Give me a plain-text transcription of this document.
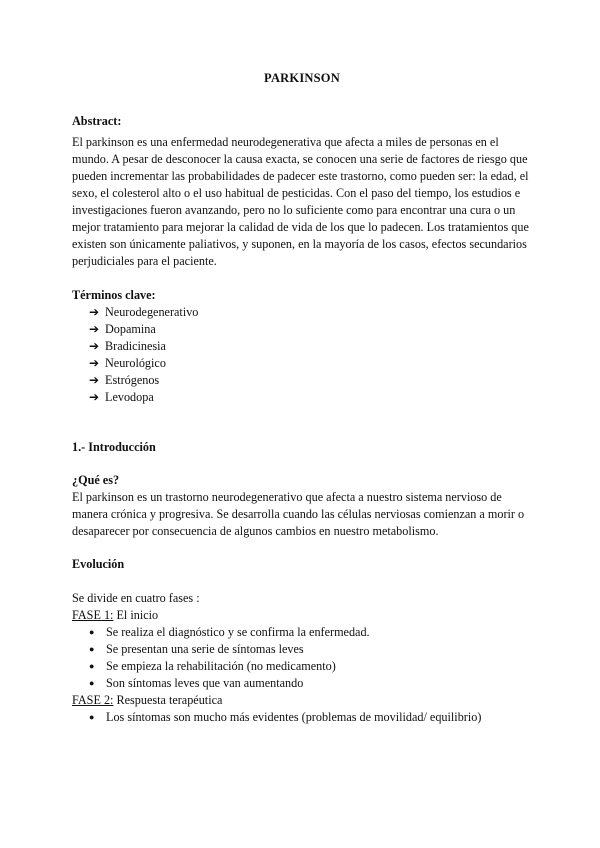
PARKINSON

Abstract:

El parkinson es una enfermedad neurodegenerativa que afecta a miles de personas en el mundo. A pesar de desconocer la causa exacta, se conocen una serie de factores de riesgo que pueden incrementar las probabilidades de padecer este trastorno, como pueden ser: la edad, el sexo, el colesterol alto o el uso habitual de pesticidas. Con el paso del tiempo, los estudios e investigaciones fueron avanzando, pero no lo suficiente como para encontrar una cura o un mejor tratamiento para mejorar la calidad de vida de los que lo padecen. Los tratamientos que existen son únicamente paliativos, y suponen, en la mayoría de los casos, efectos secundarios perjudiciales para el paciente.

Términos clave:

➔ Neurodegenerativo
➔ Dopamina
➔ Bradicinesia
➔ Neurológico
➔ Estrógenos
➔ Levodopa

1.- Introducción

¿Qué es?

El parkinson es un trastorno neurodegenerativo que afecta a nuestro sistema nervioso de manera crónica y progresiva. Se desarrolla cuando las células nerviosas comienzan a morir o desaparecer por consecuencia de algunos cambios en nuestro metabolismo.

Evolución

Se divide en cuatro fases :

FASE 1: El inicio

● Se realiza el diagnóstico y se confirma la enfermedad.
● Se presentan una serie de síntomas leves
● Se empieza la rehabilitación (no medicamento)
● Son síntomas leves que van aumentando

FASE 2: Respuesta terapéutica

● Los síntomas son mucho más evidentes (problemas de movilidad/ equilibrio)
